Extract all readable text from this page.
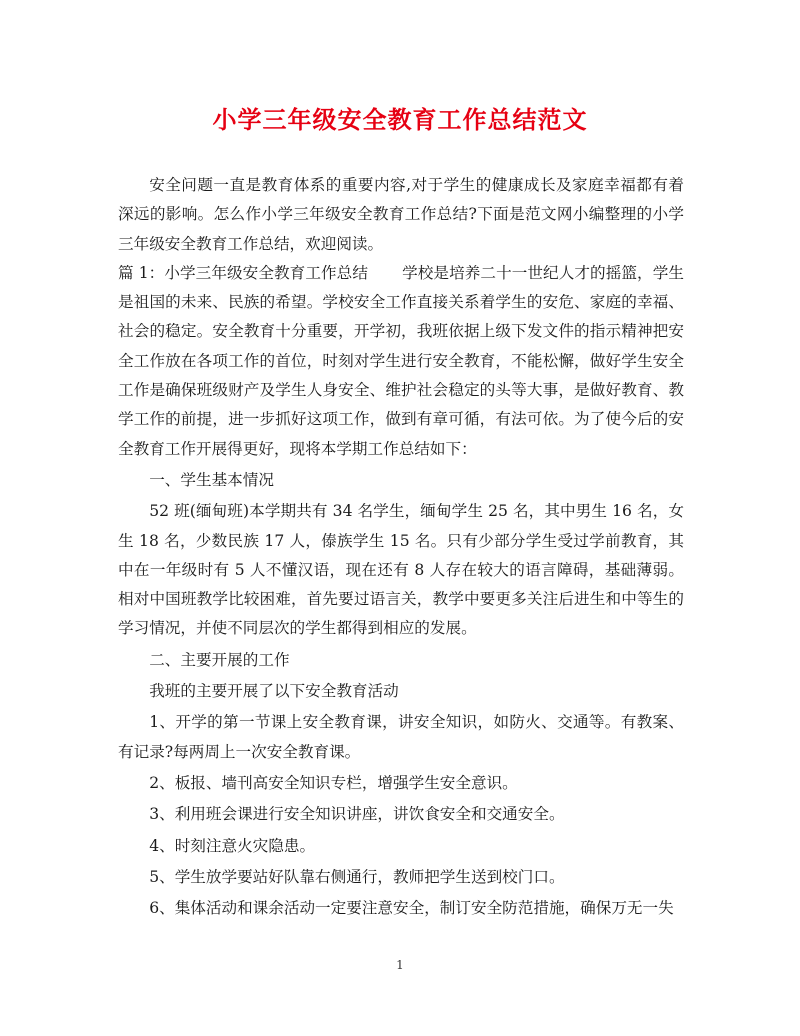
小学三年级安全教育工作总结范文

安全问题一直是教育体系的重要内容,对于学生的健康成长及家庭幸福都有着深远的影响。怎么作小学三年级安全教育工作总结?下面是范文网小编整理的小学三年级安全教育工作总结，欢迎阅读。

篇 1：小学三年级安全教育工作总结 学校是培养二十一世纪人才的摇篮，学生是祖国的未来、民族的希望。学校安全工作直接关系着学生的安危、家庭的幸福、社会的稳定。安全教育十分重要，开学初，我班依据上级下发文件的指示精神把安全工作放在各项工作的首位，时刻对学生进行安全教育，不能松懈，做好学生安全工作是确保班级财产及学生人身安全、维护社会稳定的头等大事，是做好教育、教学工作的前提，进一步抓好这项工作，做到有章可循，有法可依。为了使今后的安全教育工作开展得更好，现将本学期工作总结如下：

一、学生基本情况

52 班(缅甸班)本学期共有 34 名学生，缅甸学生 25 名，其中男生 16 名，女生 18 名，少数民族 17 人，傣族学生 15 名。只有少部分学生受过学前教育，其中在一年级时有 5 人不懂汉语，现在还有 8 人存在较大的语言障碍，基础薄弱。相对中国班教学比较困难，首先要过语言关，教学中要更多关注后进生和中等生的学习情况，并使不同层次的学生都得到相应的发展。

二、主要开展的工作

我班的主要开展了以下安全教育活动

1、开学的第一节课上安全教育课，讲安全知识，如防火、交通等。有教案、有记录?每两周上一次安全教育课。

2、板报、墙刊高安全知识专栏，增强学生安全意识。

3、利用班会课进行安全知识讲座，讲饮食安全和交通安全。

4、时刻注意火灾隐患。

5、学生放学要站好队靠右侧通行，教师把学生送到校门口。

6、集体活动和课余活动一定要注意安全，制订安全防范措施，确保万无一失

1
